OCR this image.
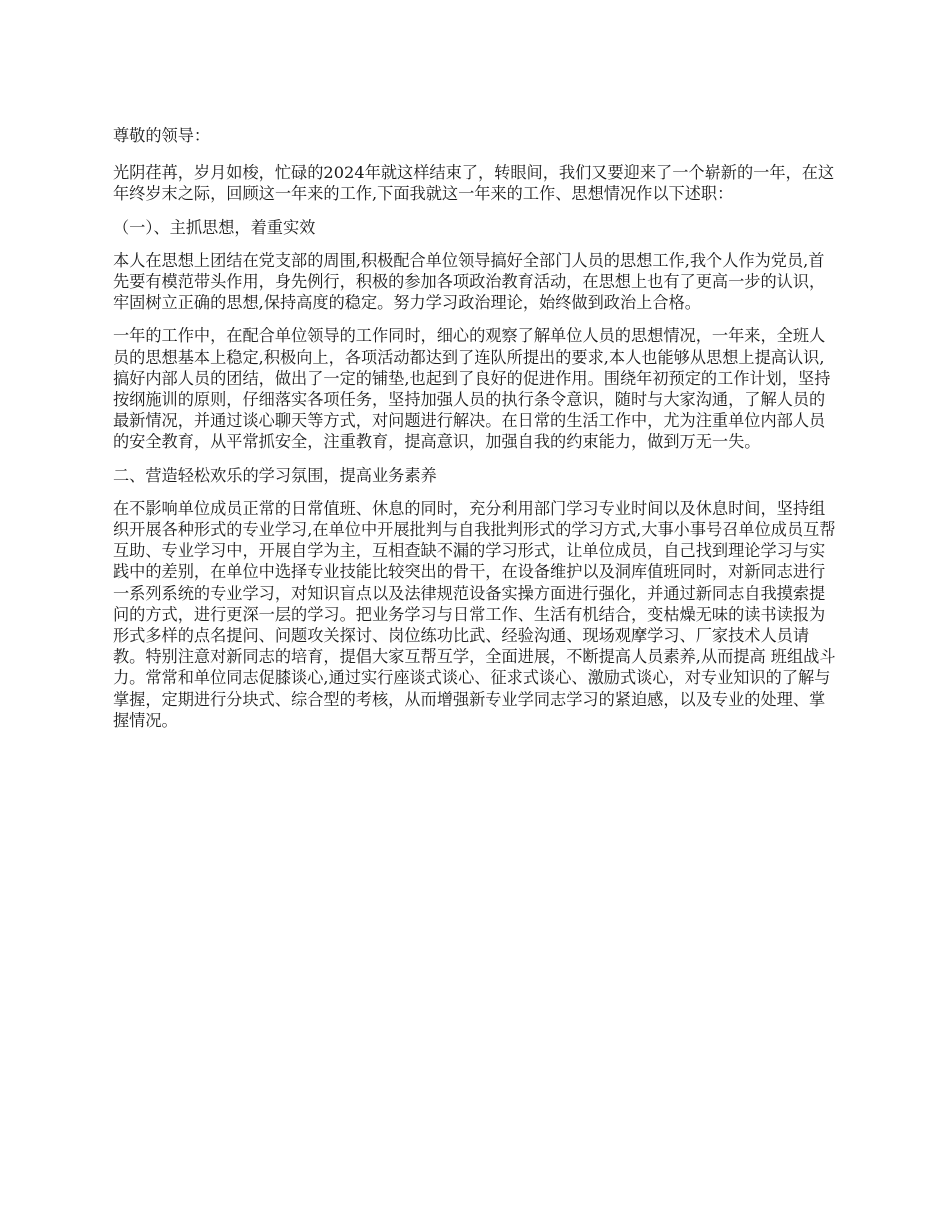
尊敬的领导：

光阴荏苒，岁月如梭，忙碌的2024年就这样结束了，转眼间，我们又要迎来了一个崭新的一年，在这年终岁末之际，回顾这一年来的工作,下面我就这一年来的工作、思想情况作以下述职：

（一）、主抓思想，着重实效

本人在思想上团结在党支部的周围,积极配合单位领导搞好全部门人员的思想工作,我个人作为党员,首先要有模范带头作用，身先例行，积极的参加各项政治教育活动，在思想上也有了更高一步的认识，牢固树立正确的思想,保持高度的稳定。努力学习政治理论，始终做到政治上合格。

一年的工作中，在配合单位领导的工作同时，细心的观察了解单位人员的思想情况，一年来，全班人员的思想基本上稳定,积极向上，各项活动都达到了连队所提出的要求,本人也能够从思想上提高认识,搞好内部人员的团结，做出了一定的铺垫,也起到了良好的促进作用。围绕年初预定的工作计划，坚持按纲施训的原则，仔细落实各项任务，坚持加强人员的执行条令意识，随时与大家沟通，了解人员的最新情况，并通过谈心聊天等方式，对问题进行解决。在日常的生活工作中，尤为注重单位内部人员的安全教育，从平常抓安全，注重教育，提高意识，加强自我的约束能力，做到万无一失。

二、营造轻松欢乐的学习氛围，提高业务素养

在不影响单位成员正常的日常值班、休息的同时，充分利用部门学习专业时间以及休息时间，坚持组织开展各种形式的专业学习,在单位中开展批判与自我批判形式的学习方式,大事小事号召单位成员互帮互助、专业学习中，开展自学为主，互相查缺不漏的学习形式，让单位成员，自己找到理论学习与实践中的差别，在单位中选择专业技能比较突出的骨干，在设备维护以及洞库值班同时，对新同志进行一系列系统的专业学习，对知识盲点以及法律规范设备实操方面进行强化，并通过新同志自我摸索提问的方式，进行更深一层的学习。把业务学习与日常工作、生活有机结合，变枯燥无味的读书读报为形式多样的点名提问、问题攻关探讨、岗位练功比武、经验沟通、现场观摩学习、厂家技术人员请教。特别注意对新同志的培育，提倡大家互帮互学，全面进展，不断提高人员素养,从而提高 班组战斗力。常常和单位同志促膝谈心,通过实行座谈式谈心、征求式谈心、激励式谈心，对专业知识的了解与掌握，定期进行分块式、综合型的考核，从而增强新专业学同志学习的紧迫感，以及专业的处理、掌握情况。
